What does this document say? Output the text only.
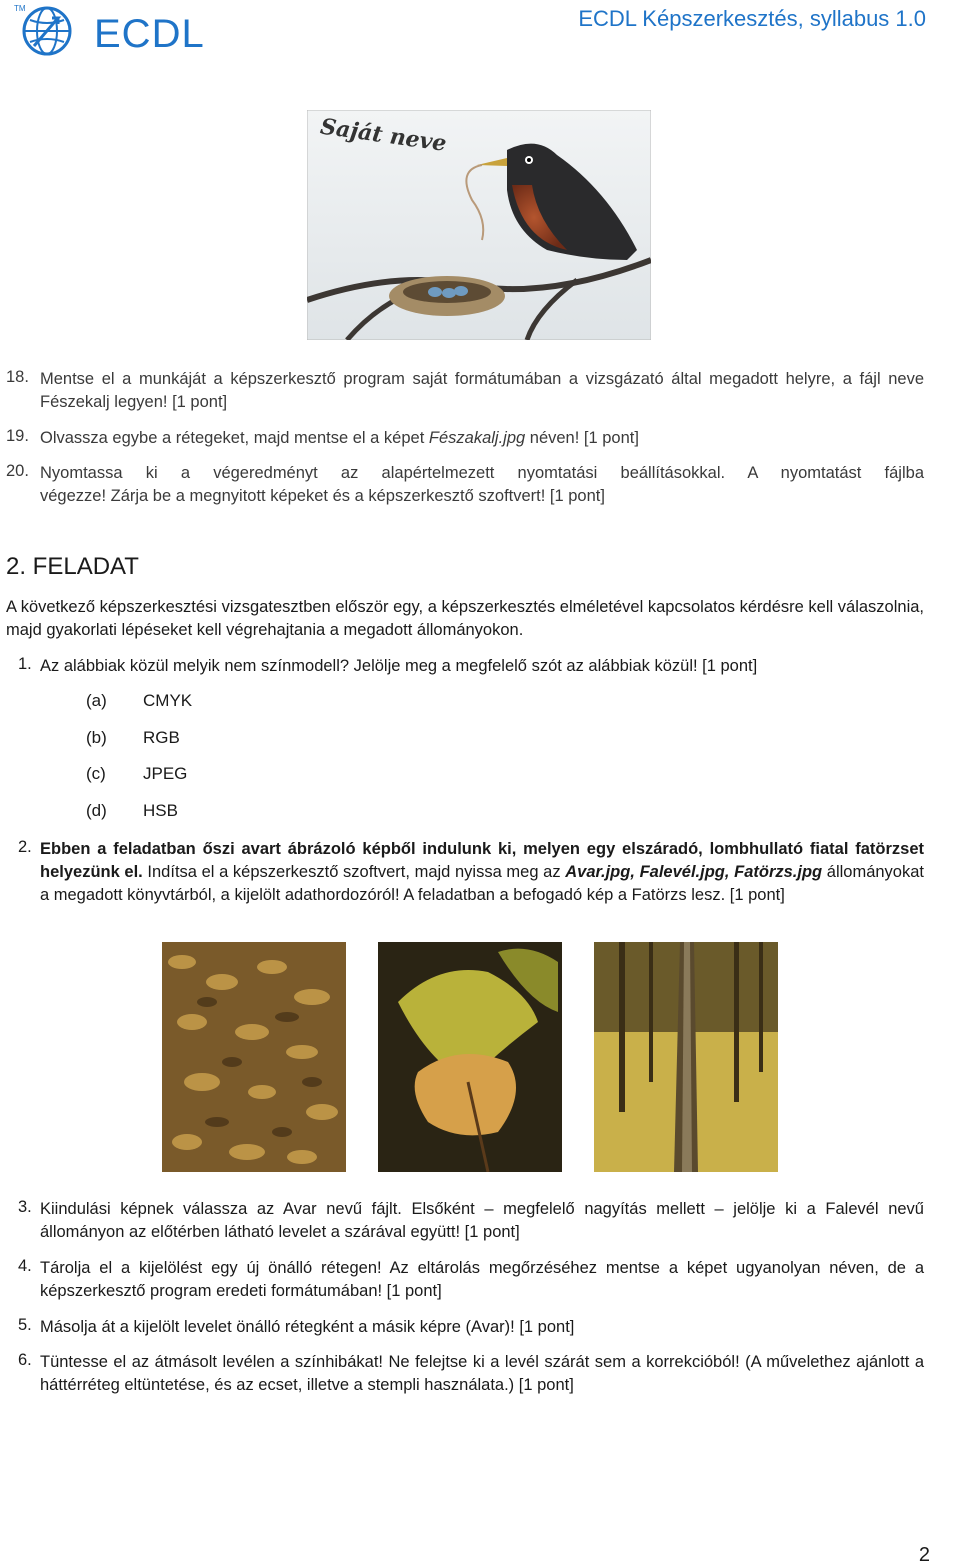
TM
ECDL	ECDL Képszerkesztés, syllabus 1.0
Saját neve
18. Mentse el a munkáját a képszerkesztő program saját formátumában a vizsgázató által megadott helyre, a fájl neve Fészekalj legyen! [1 pont]
19. Olvassza egybe a rétegeket, majd mentse el a képet Fészakalj.jpg néven! [1 pont]
20. Nyomtassa ki a végeredményt az alapértelmezett nyomtatási beállításokkal. A nyomtatást fájlba
végezze! Zárja be a megnyitott képeket és a képszerkesztő szoftvert! [1 pont]
2. FELADAT
A következő képszerkesztési vizsgatesztben először egy, a képszerkesztés elméletével kapcsolatos kérdésre kell válaszolnia, majd gyakorlati lépéseket kell végrehajtania a megadott állományokon.
1. Az alábbiak közül melyik nem színmodell? Jelölje meg a megfelelő szót az alábbiak közül! [1 pont]
(a) CMYK
(b) RGB
(c) JPEG
(d) HSB
2. Ebben a feladatban őszi avart ábrázoló képből indulunk ki, melyen egy elszáradó, lombhullató fiatal fatörzset helyezünk el. Indítsa el a képszerkesztő szoftvert, majd nyissa meg az Avar.jpg, Falevél.jpg, Fatörzs.jpg állományokat a megadott könyvtárból, a kijelölt adathordozóról! A feladatban a befogadó kép a Fatörzs lesz. [1 pont]
3. Kiindulási képnek válassza az Avar nevű fájlt. Elsőként – megfelelő nagyítás mellett – jelölje ki a Falevél nevű állományon az előtérben látható levelet a szárával együtt! [1 pont]
4. Tárolja el a kijelölést egy új önálló rétegen! Az eltárolás megőrzéséhez mentse a képet ugyanolyan néven, de a képszerkesztő program eredeti formátumában! [1 pont]
5. Másolja át a kijelölt levelet önálló rétegként a másik képre (Avar)! [1 pont]
6. Tüntesse el az átmásolt levélen a színhibákat! Ne felejtse ki a levél szárát sem a korrekcióból! (A művelethez ajánlott a háttérréteg eltüntetése, és az ecset, illetve a stempli használata.) [1 pont]
2
